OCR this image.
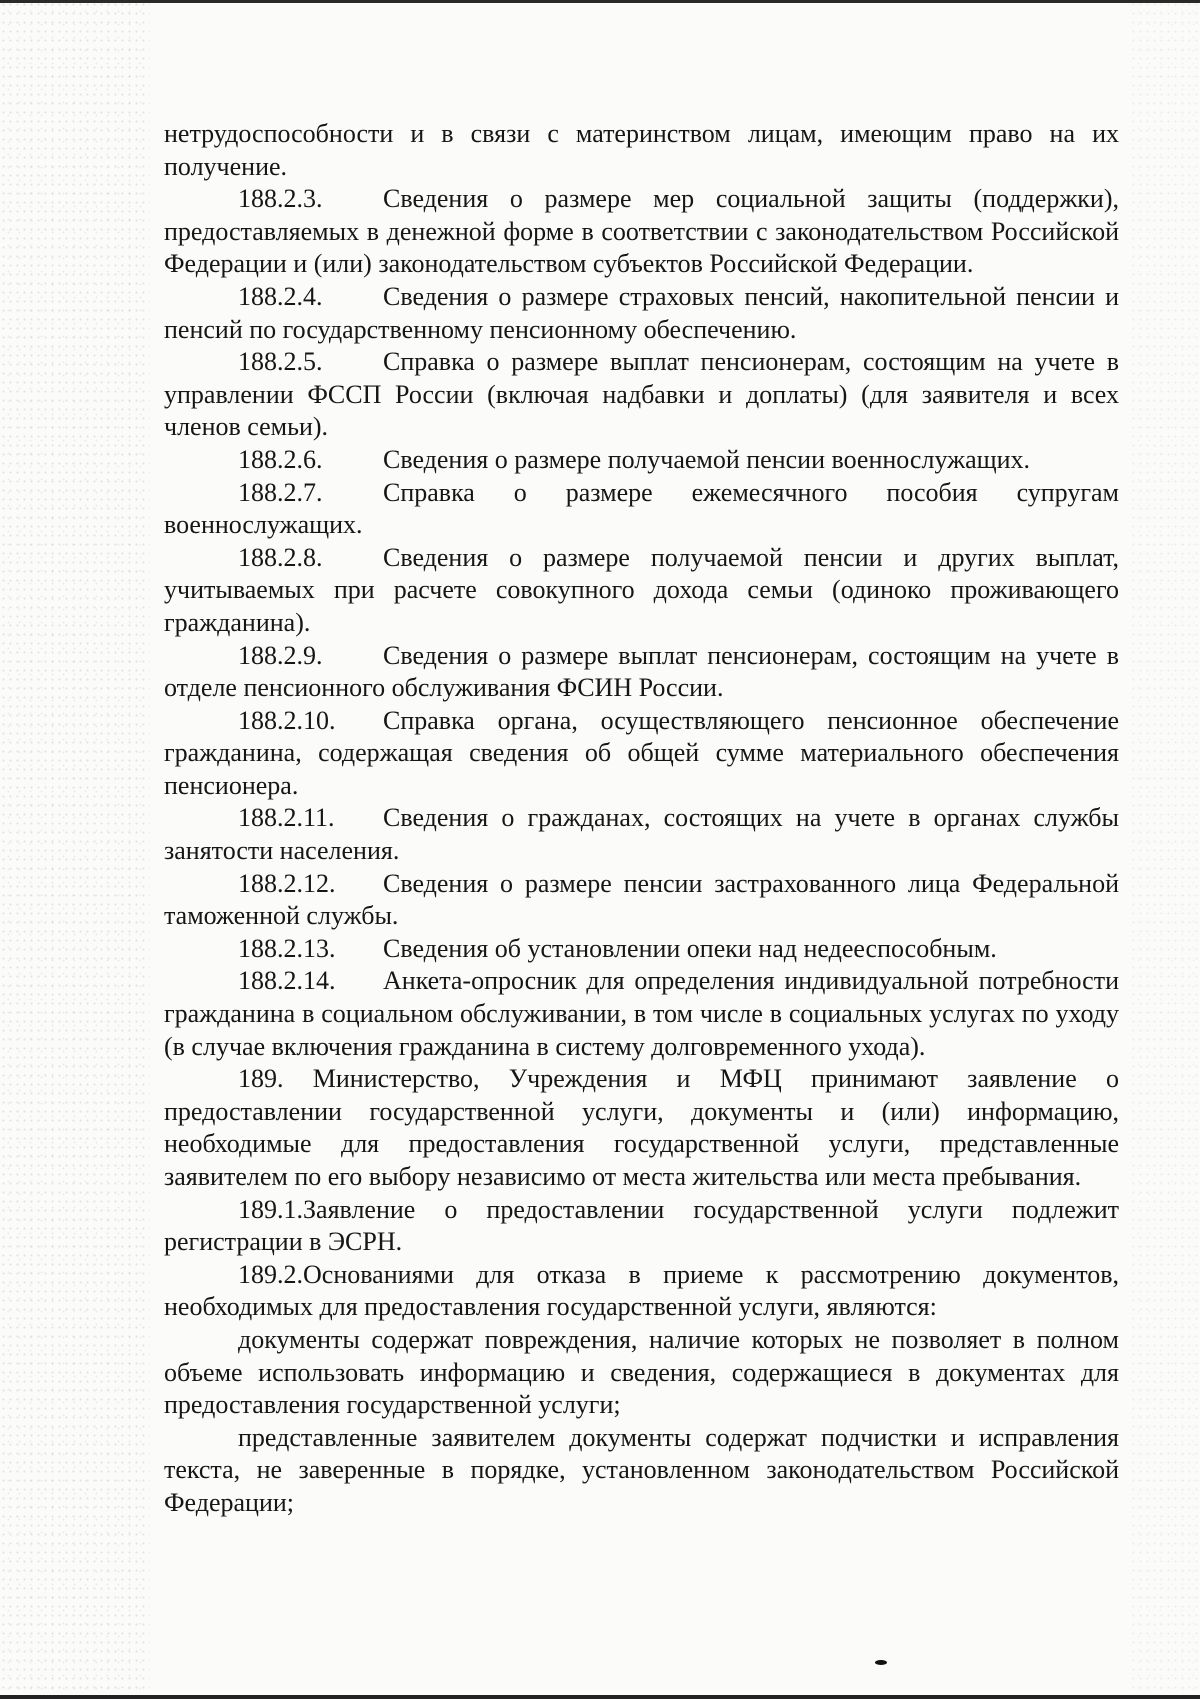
нетрудоспособности и в связи с материнством лицам, имеющим право на их получение.

188.2.3. Сведения о размере мер социальной защиты (поддержки), предоставляемых в денежной форме в соответствии с законодательством Российской Федерации и (или) законодательством субъектов Российской Федерации.

188.2.4. Сведения о размере страховых пенсий, накопительной пенсии и пенсий по государственному пенсионному обеспечению.

188.2.5. Справка о размере выплат пенсионерам, состоящим на учете в управлении ФССП России (включая надбавки и доплаты) (для заявителя и всех членов семьи).

188.2.6. Сведения о размере получаемой пенсии военнослужащих.

188.2.7. Справка о размере ежемесячного пособия супругам военнослужащих.

188.2.8. Сведения о размере получаемой пенсии и других выплат, учитываемых при расчете совокупного дохода семьи (одиноко проживающего гражданина).

188.2.9. Сведения о размере выплат пенсионерам, состоящим на учете в отделе пенсионного обслуживания ФСИН России.

188.2.10. Справка органа, осуществляющего пенсионное обеспечение гражданина, содержащая сведения об общей сумме материального обеспечения пенсионера.

188.2.11. Сведения о гражданах, состоящих на учете в органах службы занятости населения.

188.2.12. Сведения о размере пенсии застрахованного лица Федеральной таможенной службы.

188.2.13. Сведения об установлении опеки над недееспособным.

188.2.14. Анкета-опросник для определения индивидуальной потребности гражданина в социальном обслуживании, в том числе в социальных услугах по уходу (в случае включения гражданина в систему долговременного ухода).

189. Министерство, Учреждения и МФЦ принимают заявление о предоставлении государственной услуги, документы и (или) информацию, необходимые для предоставления государственной услуги, представленные заявителем по его выбору независимо от места жительства или места пребывания.

189.1.Заявление о предоставлении государственной услуги подлежит регистрации в ЭСРН.

189.2.Основаниями для отказа в приеме к рассмотрению документов, необходимых для предоставления государственной услуги, являются:

документы содержат повреждения, наличие которых не позволяет в полном объеме использовать информацию и сведения, содержащиеся в документах для предоставления государственной услуги;

представленные заявителем документы содержат подчистки и исправления текста, не заверенные в порядке, установленном законодательством Российской Федерации;
